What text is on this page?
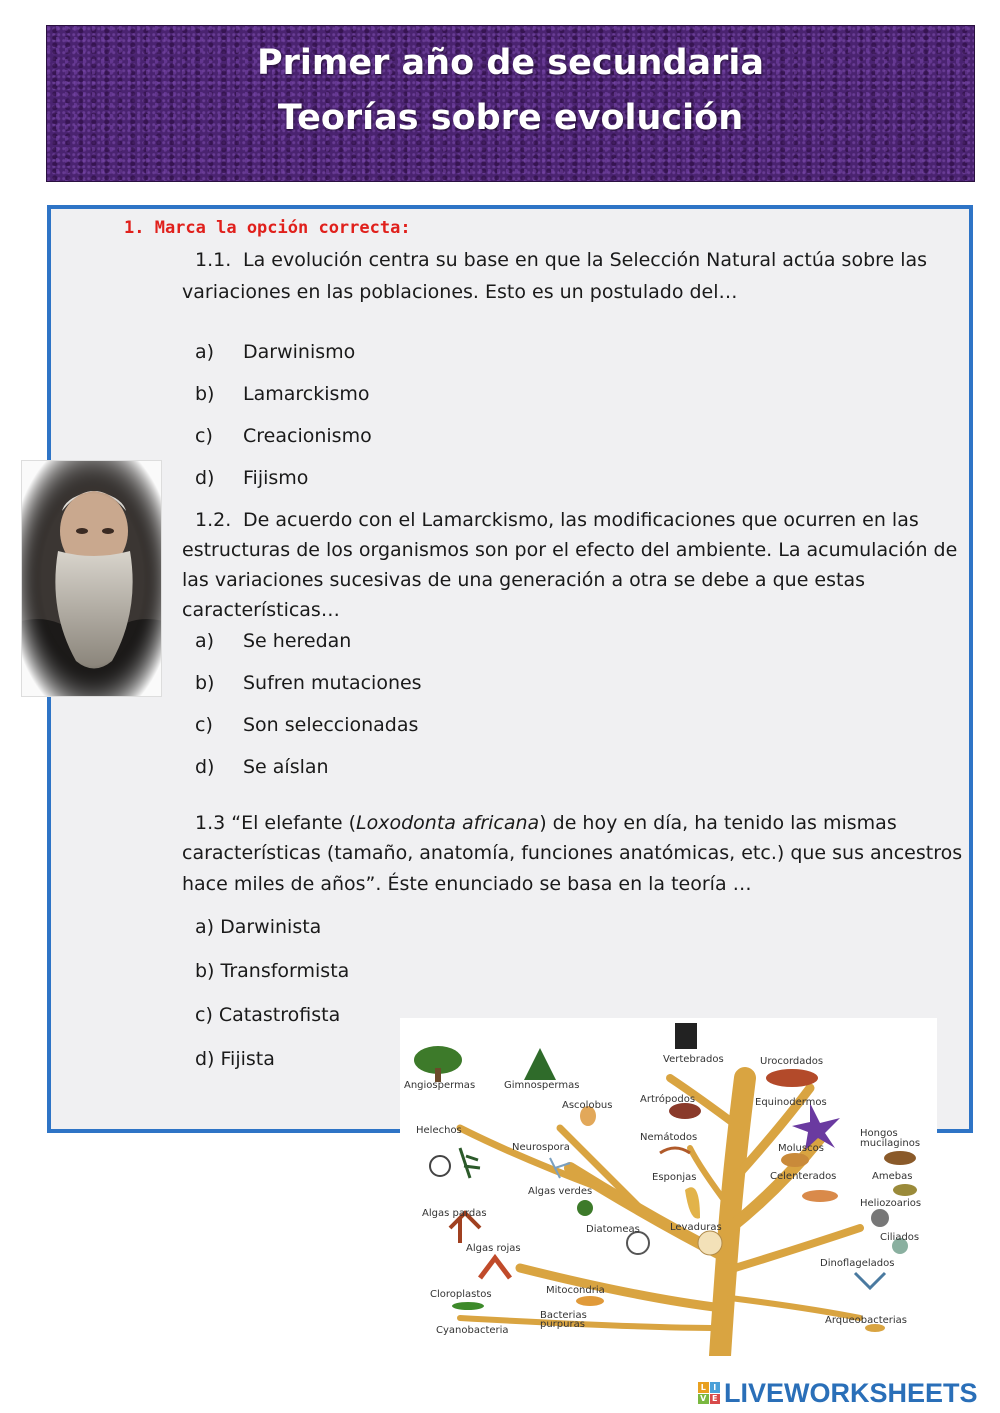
Primer año de secundaria
Teorías sobre evolución
1. Marca la opción correcta:
1.1. La evolución centra su base en que la Selección Natural actúa sobre las
variaciones en las poblaciones. Esto es un postulado del…
a) Darwinismo
b) Lamarckismo
c) Creacionismo
d) Fijismo
1.2. De acuerdo con el Lamarckismo, las modificaciones que ocurren en las
estructuras de los organismos son por el efecto del ambiente. La acumulación de
las variaciones sucesivas de una generación a otra se debe a que estas
características…
a) Se heredan
b) Sufren mutaciones
c) Son seleccionadas
d) Se aíslan
1.3 “El elefante (Loxodonta africana) de hoy en día, ha tenido las mismas
características (tamaño, anatomía, funciones anatómicas, etc.) que sus ancestros
hace miles de años”. Éste enunciado se basa en la teoría …
a) Darwinista
b) Transformista
c) Catastrofista
d) Fijista	Vertebrados	Urocordados
Angiospermas	Gimnospermas
Artrópodos
Ascolobus	Equinodermos
Helechos
Nemátodos	Hongos
mucilaginos
Neurospora	Moluscos
Esponjas	Celenterados	Amebas
Algas verdes
Heliozoarios
Algas pardas
Diatomeas	Levaduras
Ciliados
Algas rojas
Dinoflagelados
Cloroplastos	Mitocondria
Bacterias
purpuras	Arqueobacterias
Cyanobacteria
L I
V E LIVEWORKSHEETS
